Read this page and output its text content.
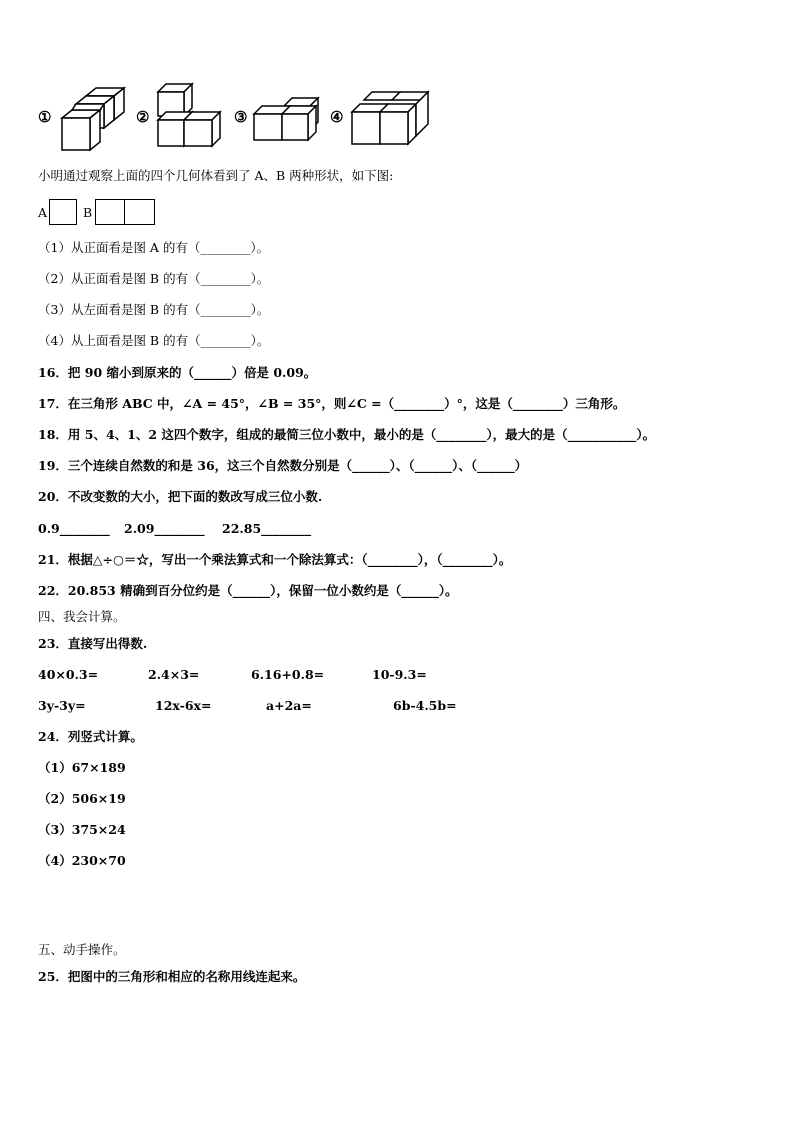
①	②	③	④
小明通过观察上面的四个几何体看到了 A、B 两种形状，如下图:
A	B
（1）从正面看是图 A 的有（________）。
（2）从正面看是图 B 的有（________）。
（3）从左面看是图 B 的有（________）。
（4）从上面看是图 B 的有（________）。
16．把 90 缩小到原来的（______）倍是 0.09。
17．在三角形 ABC 中，∠A = 45°，∠B = 35°，则∠C =（________）°，这是（________）三角形。
18．用 5、4、1、2 这四个数字，组成的最简三位小数中，最小的是（________），最大的是（___________）。
19．三个连续自然数的和是 36，这三个自然数分别是（______）、（______）、（______）
20．不改变数的大小，把下面的数改写成三位小数.
0.9________ 2.09________ 22.85________
21．根据△÷○＝☆，写出一个乘法算式和一个除法算式：（________），（________）。
22．20.853 精确到百分位约是（______），保留一位小数约是（______）。
四、我会计算。
23．直接写出得数.
40×0.3=	2.4×3=	6.16+0.8=	10-9.3=
3y-3y=	12x-6x=	a+2a=	6b-4.5b=
24．列竖式计算。
（1）67×189
（2）506×19
（3）375×24
（4）230×70
五、动手操作。
25．把图中的三角形和相应的名称用线连起来。
